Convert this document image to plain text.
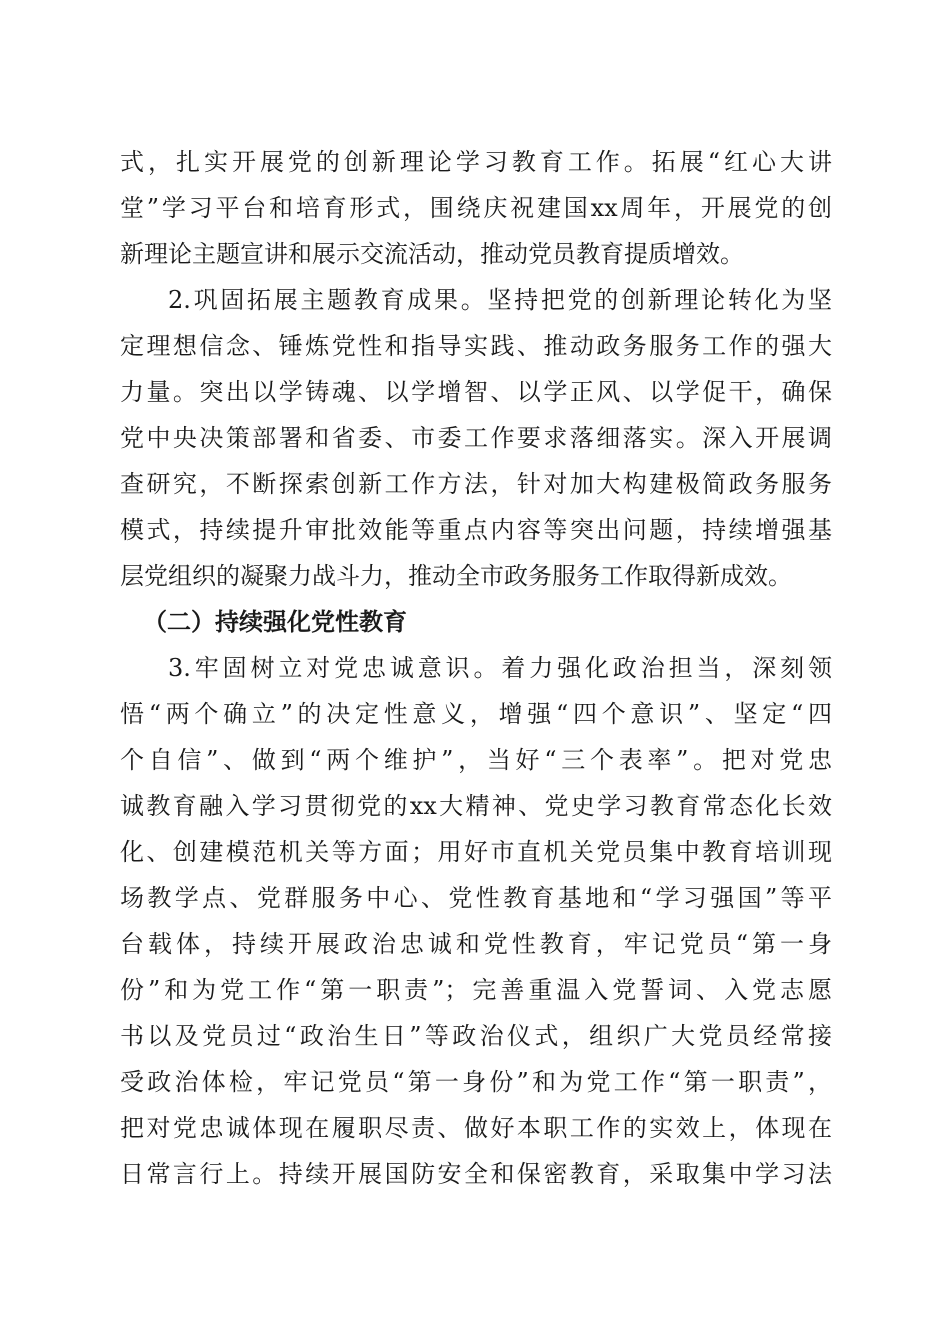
式，扎实开展党的创新理论学习教育工作。拓展“红心大讲

堂”学习平台和培育形式，围绕庆祝建国xx周年，开展党的创

新理论主题宣讲和展示交流活动，推动党员教育提质增效。

2.巩固拓展主题教育成果。坚持把党的创新理论转化为坚

定理想信念、锤炼党性和指导实践、推动政务服务工作的强大

力量。突出以学铸魂、以学增智、以学正风、以学促干，确保

党中央决策部署和省委、市委工作要求落细落实。深入开展调

查研究，不断探索创新工作方法，针对加大构建极简政务服务

模式，持续提升审批效能等重点内容等突出问题，持续增强基

层党组织的凝聚力战斗力，推动全市政务服务工作取得新成效。

（二）持续强化党性教育

3.牢固树立对党忠诚意识。着力强化政治担当，深刻领

悟“两个确立”的决定性意义，增强“四个意识”、坚定“四

个自信”、做到“两个维护”，当好“三个表率”。把对党忠

诚教育融入学习贯彻党的xx大精神、党史学习教育常态化长效

化、创建模范机关等方面；用好市直机关党员集中教育培训现

场教学点、党群服务中心、党性教育基地和“学习强国”等平

台载体，持续开展政治忠诚和党性教育，牢记党员“第一身

份”和为党工作“第一职责”；完善重温入党誓词、入党志愿

书以及党员过“政治生日”等政治仪式，组织广大党员经常接

受政治体检，牢记党员“第一身份”和为党工作“第一职责”，

把对党忠诚体现在履职尽责、做好本职工作的实效上，体现在

日常言行上。持续开展国防安全和保密教育，采取集中学习法
